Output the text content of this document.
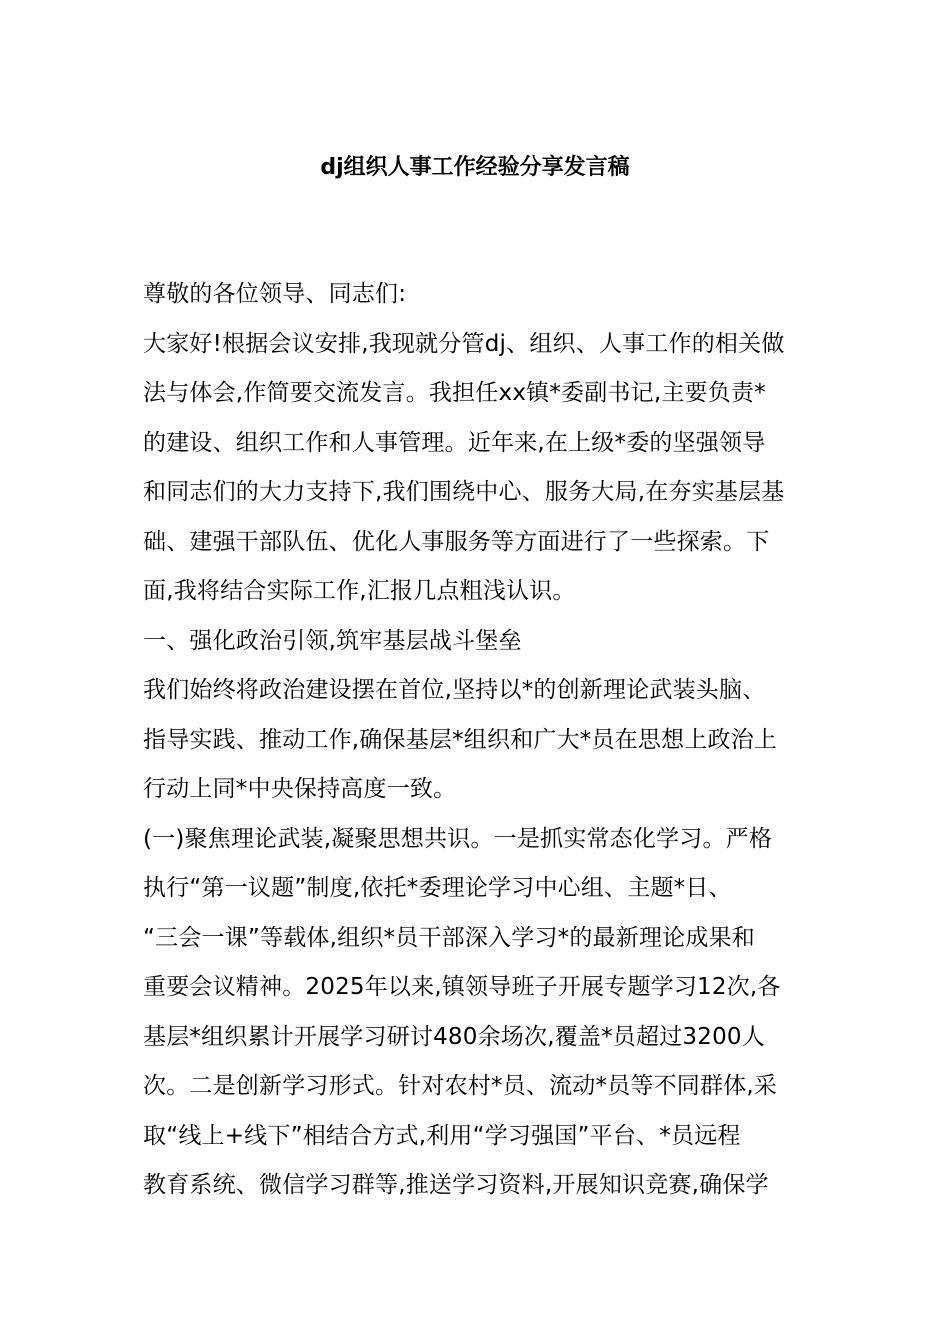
dj组织人事工作经验分享发言稿
尊敬的各位领导、同志们:
大家好!根据会议安排,我现就分管dj、组织、人事工作的相关做
法与体会,作简要交流发言。我担任xx镇*委副书记,主要负责*
的建设、组织工作和人事管理。近年来,在上级*委的坚强领导
和同志们的大力支持下,我们围绕中心、服务大局,在夯实基层基
础、建强干部队伍、优化人事服务等方面进行了一些探索。下
面,我将结合实际工作,汇报几点粗浅认识。
一、强化政治引领,筑牢基层战斗堡垒
我们始终将政治建设摆在首位,坚持以*的创新理论武装头脑、
指导实践、推动工作,确保基层*组织和广大*员在思想上政治上
行动上同*中央保持高度一致。
(一)聚焦理论武装,凝聚思想共识。一是抓实常态化学习。严格
执行“第一议题”制度,依托*委理论学习中心组、主题*日、
“三会一课”等载体,组织*员干部深入学习*的最新理论成果和
重要会议精神。2025年以来,镇领导班子开展专题学习12次,各
基层*组织累计开展学习研讨480余场次,覆盖*员超过3200人
次。二是创新学习形式。针对农村*员、流动*员等不同群体,采
取“线上+线下”相结合方式,利用“学习强国”平台、*员远程
教育系统、微信学习群等,推送学习资料,开展知识竞赛,确保学
